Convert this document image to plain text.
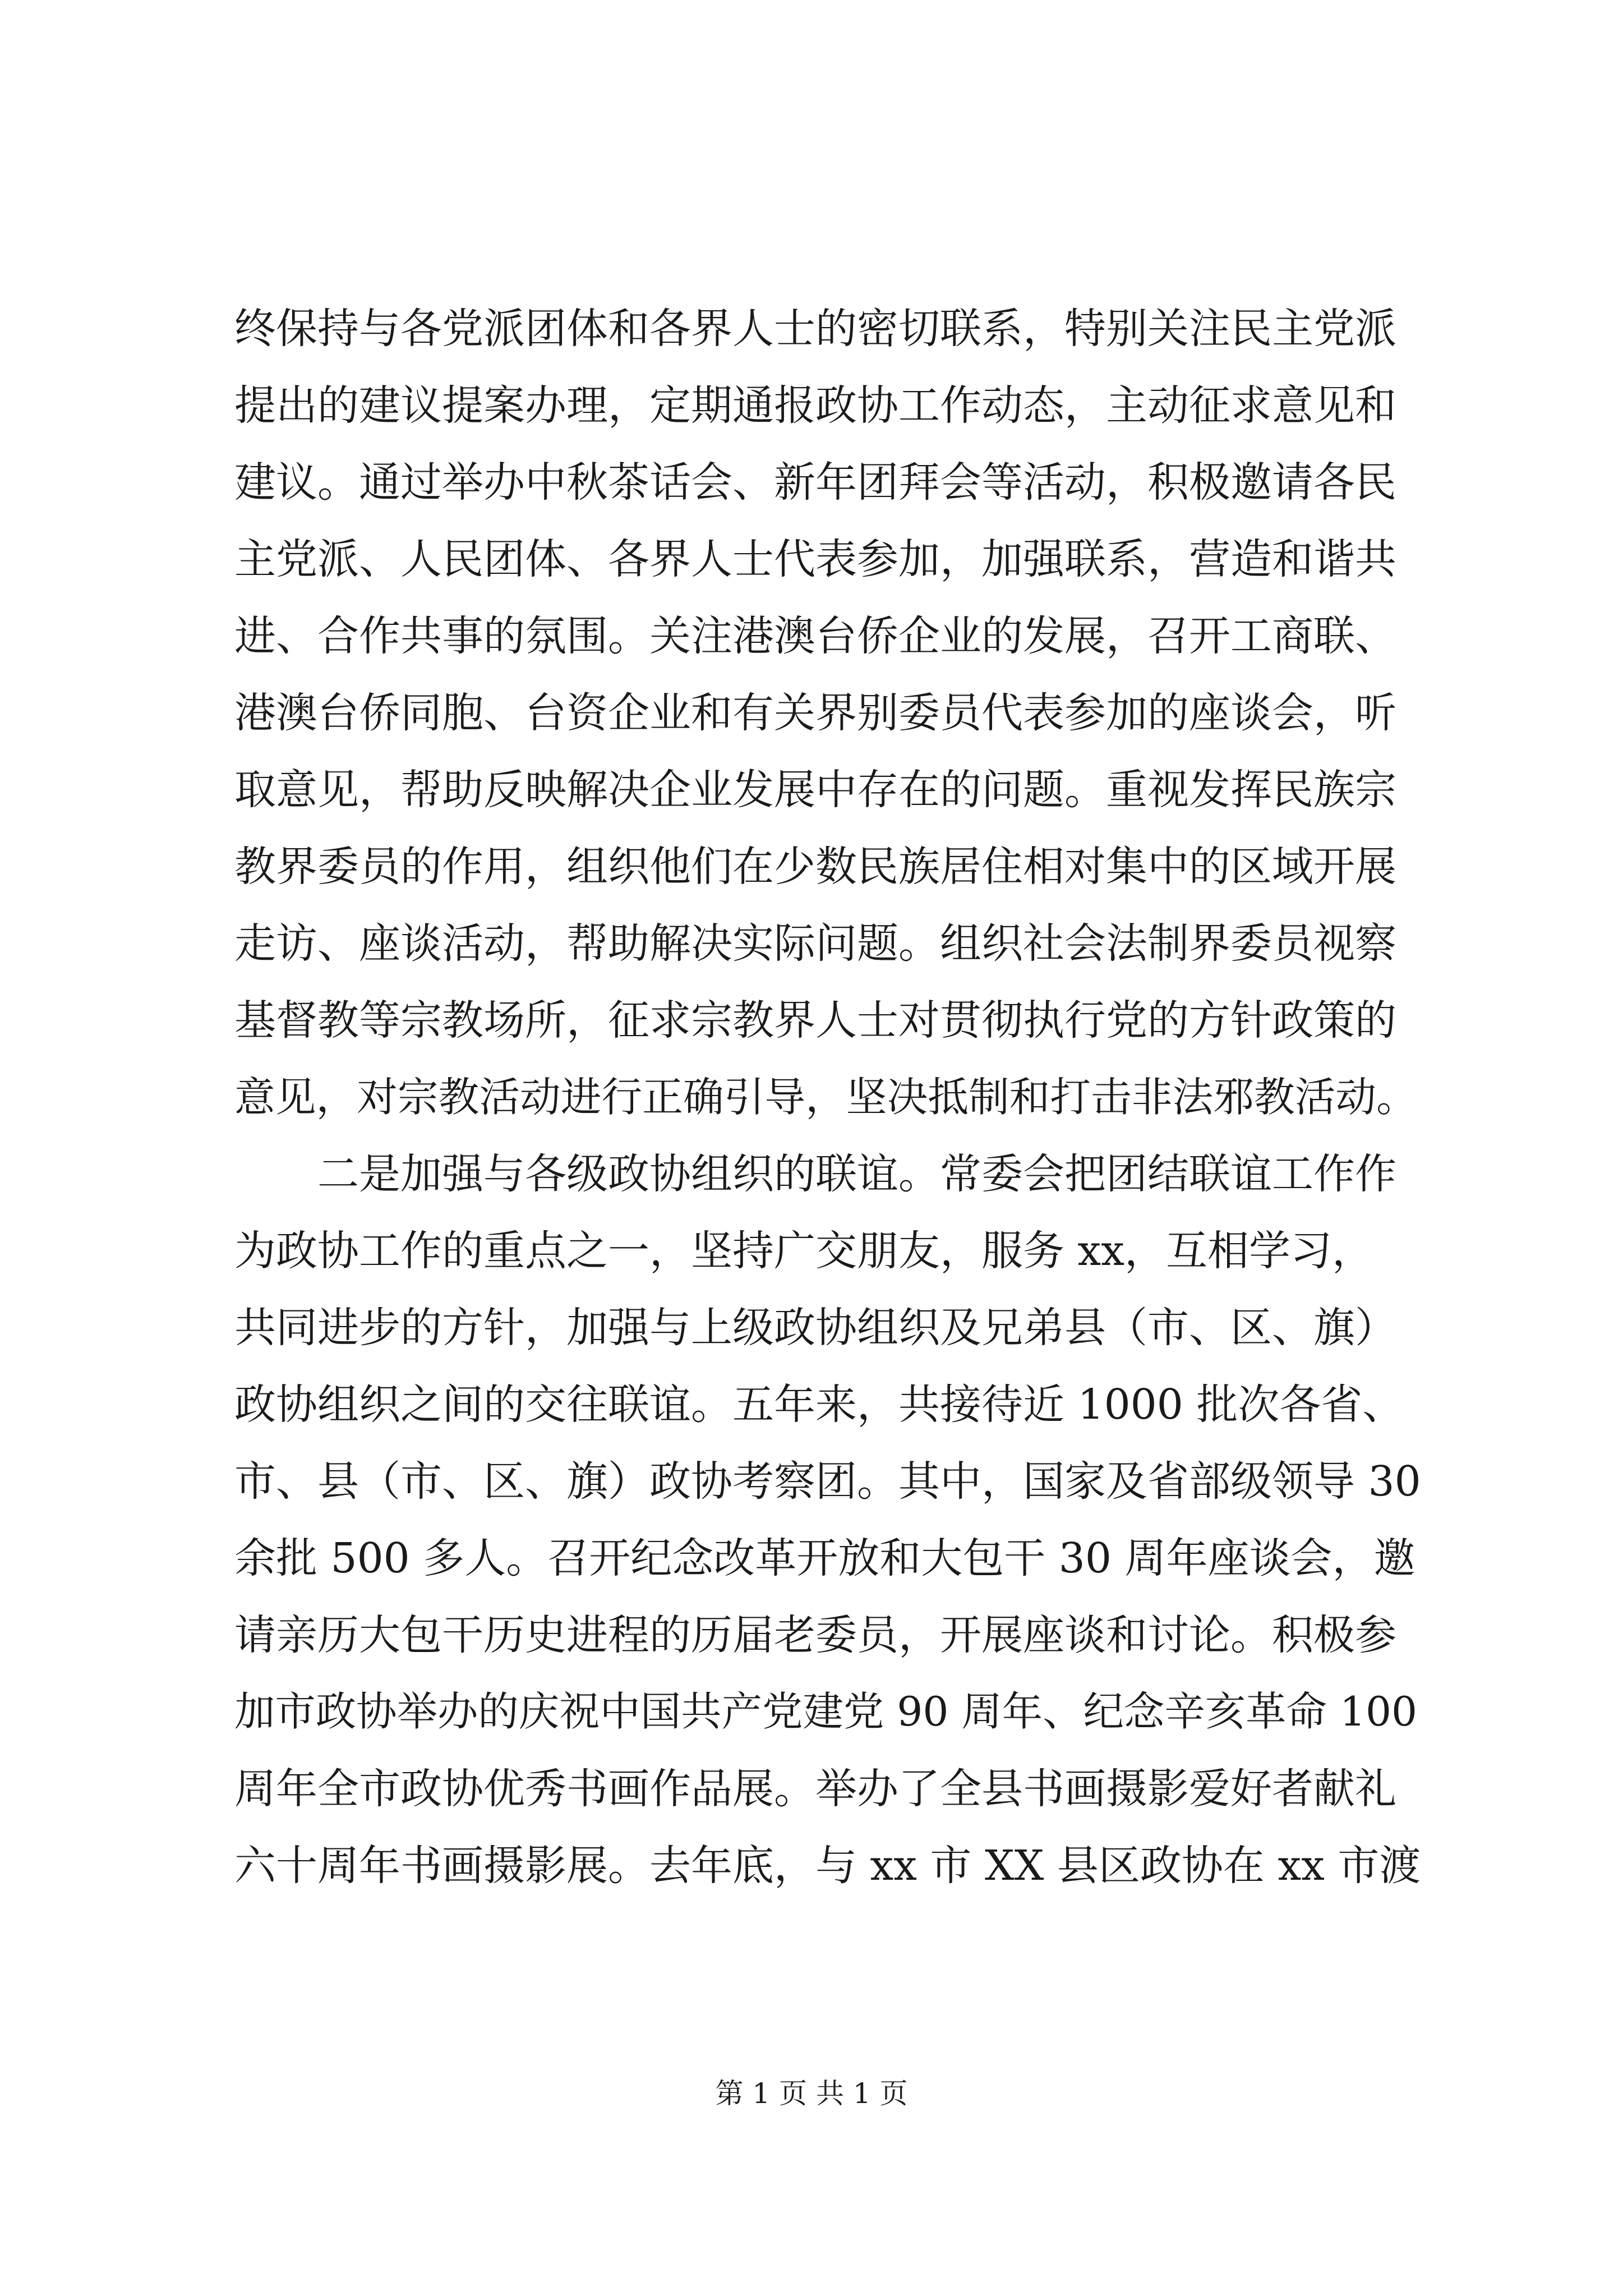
终保持与各党派团体和各界人士的密切联系，特别关注民主党派
提出的建议提案办理，定期通报政协工作动态，主动征求意见和
建议。通过举办中秋茶话会、新年团拜会等活动，积极邀请各民
主党派、人民团体、各界人士代表参加，加强联系，营造和谐共
进、合作共事的氛围。关注港澳台侨企业的发展，召开工商联、
港澳台侨同胞、台资企业和有关界别委员代表参加的座谈会，听
取意见，帮助反映解决企业发展中存在的问题。重视发挥民族宗
教界委员的作用，组织他们在少数民族居住相对集中的区域开展
走访、座谈活动，帮助解决实际问题。组织社会法制界委员视察
基督教等宗教场所，征求宗教界人士对贯彻执行党的方针政策的
意见，对宗教活动进行正确引导，坚决抵制和打击非法邪教活动。
　　二是加强与各级政协组织的联谊。常委会把团结联谊工作作
为政协工作的重点之一，坚持广交朋友，服务 xx，互相学习，
共同进步的方针，加强与上级政协组织及兄弟县（市、区、旗）
政协组织之间的交往联谊。五年来，共接待近 1000 批次各省、
市、县（市、区、旗）政协考察团。其中，国家及省部级领导 30
余批 500 多人。召开纪念改革开放和大包干 30 周年座谈会，邀
请亲历大包干历史进程的历届老委员，开展座谈和讨论。积极参
加市政协举办的庆祝中国共产党建党 90 周年、纪念辛亥革命 100
周年全市政协优秀书画作品展。举办了全县书画摄影爱好者献礼
六十周年书画摄影展。去年底，与 xx 市 XX 县区政协在 xx 市渡
第 1 页 共 1 页
